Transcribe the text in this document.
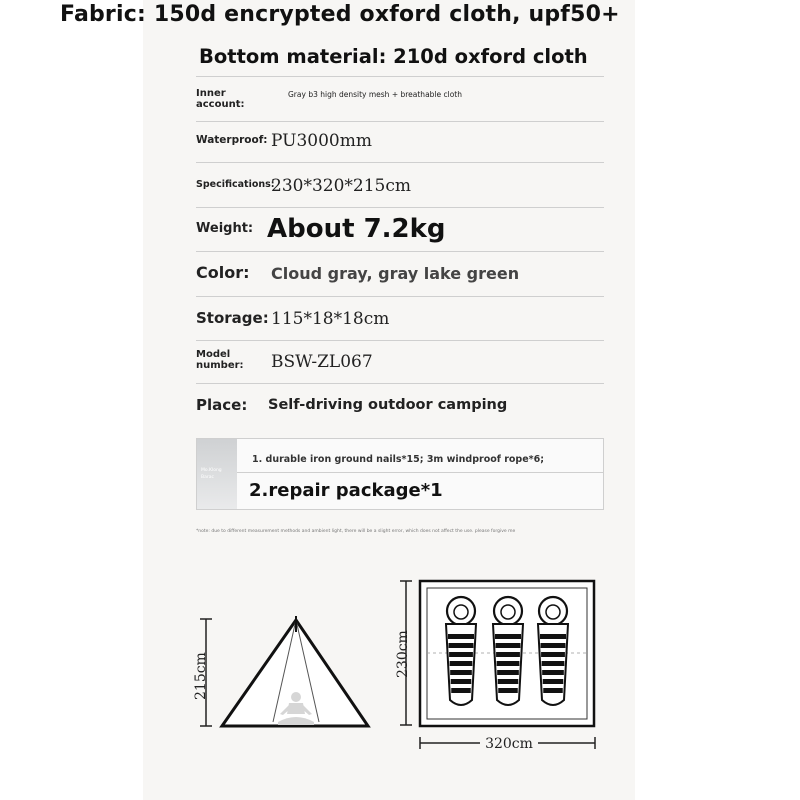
Fabric: 150d encrypted oxford cloth, upf50+
Bottom material: 210d oxford cloth
Inner account:
Gray b3 high density mesh + breathable cloth
Waterproof: PU3000mm
Specifications:
230*320*215cm
Weight: About 7.2kg
Color: Cloud gray, gray lake green
Storage: 115*18*18cm
Model number:	BSW-ZL067
Place: Self-driving outdoor camping
Mo.Klong Barac
1. durable iron ground nails*15; 3m windproof rope*6;
2.repair package*1
*note: due to different measurement methods and ambient light, there will be a slight error, which does not affect the use. please forgive me
215cm	230cm
320cm
